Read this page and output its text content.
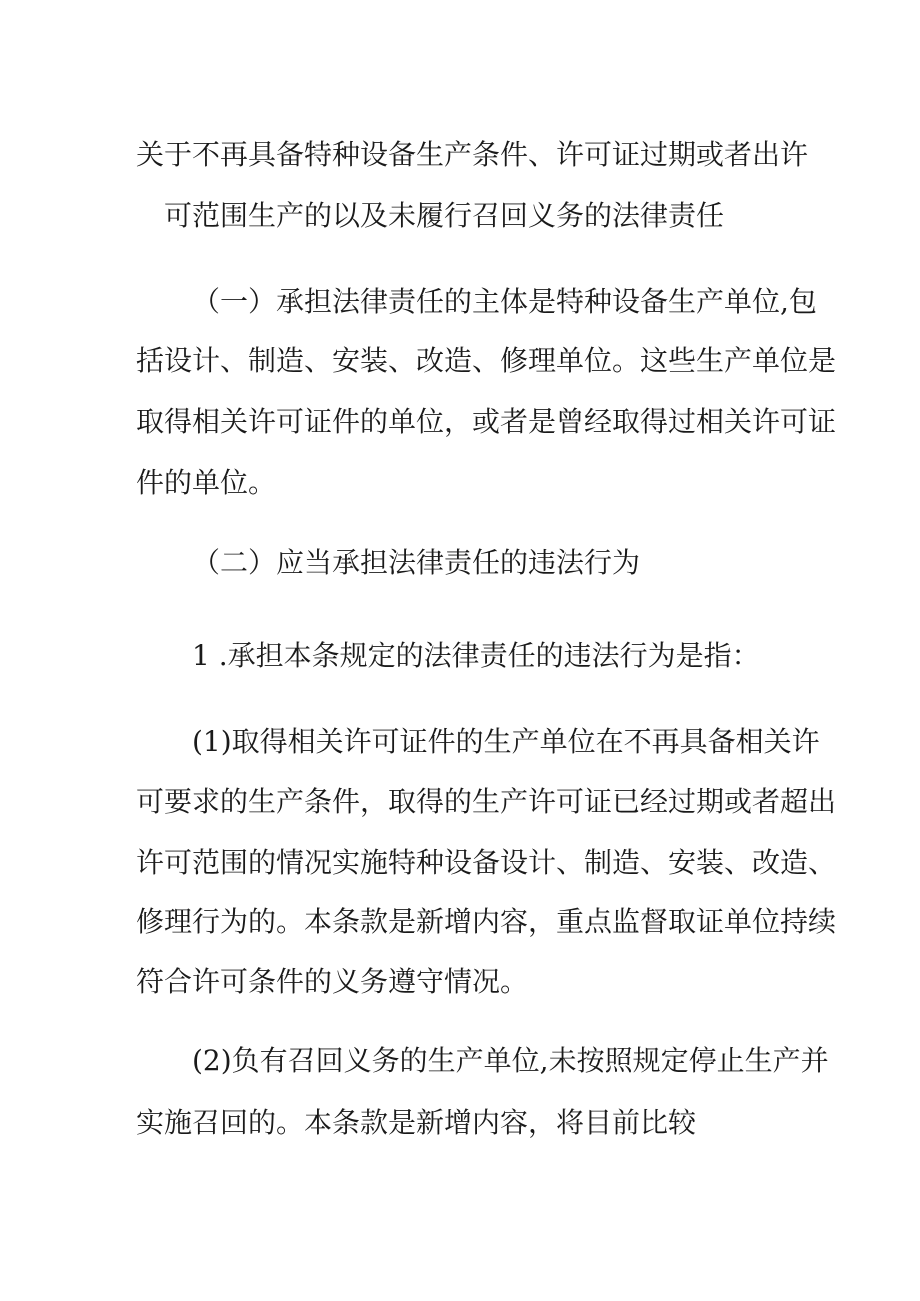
关于不再具备特种设备生产条件、许可证过期或者出许
可范围生产的以及未履行召回义务的法律责任
（一）承担法律责任的主体是特种设备生产单位,包
括设计、制造、安装、改造、修理单位。这些生产单位是
取得相关许可证件的单位，或者是曾经取得过相关许可证
件的单位。
（二）应当承担法律责任的违法行为
1 .承担本条规定的法律责任的违法行为是指：
(1)取得相关许可证件的生产单位在不再具备相关许
可要求的生产条件，取得的生产许可证已经过期或者超出
许可范围的情况实施特种设备设计、制造、安装、改造、
修理行为的。本条款是新增内容，重点监督取证单位持续
符合许可条件的义务遵守情况。
(2)负有召回义务的生产单位,未按照规定停止生产并
实施召回的。本条款是新增内容，将目前比较
